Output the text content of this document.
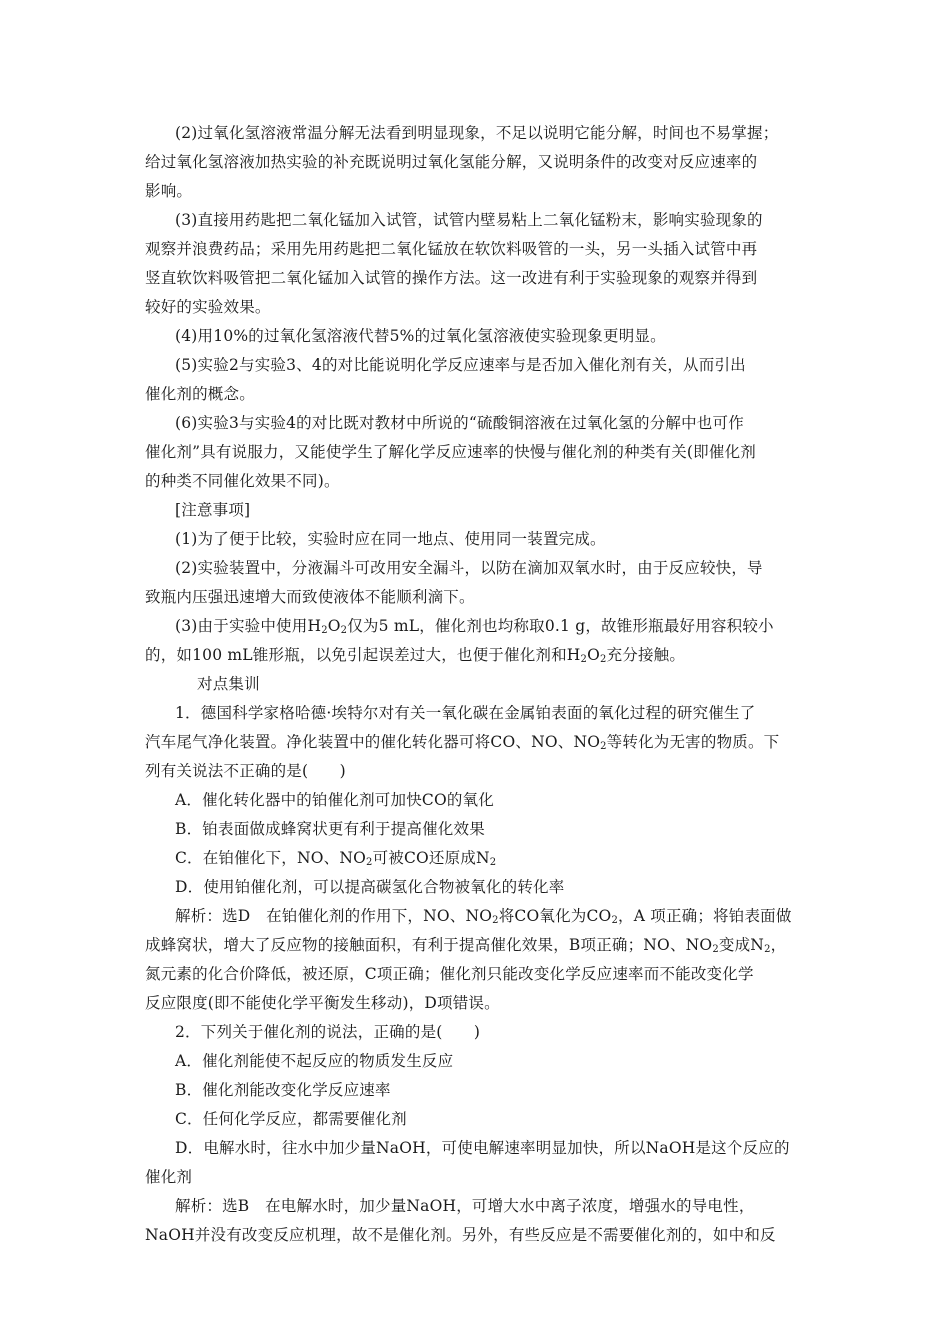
(2)过氧化氢溶液常温分解无法看到明显现象，不足以说明它能分解，时间也不易掌握；
给过氧化氢溶液加热实验的补充既说明过氧化氢能分解，又说明条件的改变对反应速率的
影响。
(3)直接用药匙把二氧化锰加入试管，试管内壁易粘上二氧化锰粉末，影响实验现象的
观察并浪费药品；采用先用药匙把二氧化锰放在软饮料吸管的一头，另一头插入试管中再
竖直软饮料吸管把二氧化锰加入试管的操作方法。这一改进有利于实验现象的观察并得到
较好的实验效果。
(4)用10%的过氧化氢溶液代替5%的过氧化氢溶液使实验现象更明显。
(5)实验2与实验3、4的对比能说明化学反应速率与是否加入催化剂有关，从而引出
催化剂的概念。
(6)实验3与实验4的对比既对教材中所说的“硫酸铜溶液在过氧化氢的分解中也可作
催化剂”具有说服力，又能使学生了解化学反应速率的快慢与催化剂的种类有关(即催化剂
的种类不同催化效果不同)。
[注意事项]
(1)为了便于比较，实验时应在同一地点、使用同一装置完成。
(2)实验装置中，分液漏斗可改用安全漏斗，以防在滴加双氧水时，由于反应较快，导
致瓶内压强迅速增大而致使液体不能顺利滴下。
(3)由于实验中使用$H_2O_2$仅为5 mL，催化剂也均称取0.1 g，故锥形瓶最好用容积较小
的，如100 mL锥形瓶，以免引起误差过大，也便于催化剂和$H_2O_2$充分接触。
对点集训
1．德国科学家格哈德·埃特尔对有关一氧化碳在金属铂表面的氧化过程的研究催生了
汽车尾气净化装置。净化装置中的催化转化器可将CO、NO、$NO_2$等转化为无害的物质。下
列有关说法不正确的是(　　)
A．催化转化器中的铂催化剂可加快CO的氧化
B．铂表面做成蜂窝状更有利于提高催化效果
C．在铂催化下，NO、$NO_2$可被CO还原成$N_2$
D．使用铂催化剂，可以提高碳氢化合物被氧化的转化率
解析：选D　在铂催化剂的作用下，NO、$NO_2$将CO氧化为$CO_2$，A 项正确；将铂表面做
成蜂窝状，增大了反应物的接触面积，有利于提高催化效果，B项正确；NO、$NO_2$变成$N_2$，
氮元素的化合价降低，被还原，C项正确；催化剂只能改变化学反应速率而不能改变化学
反应限度(即不能使化学平衡发生移动)，D项错误。
2．下列关于催化剂的说法，正确的是(　　)
A．催化剂能使不起反应的物质发生反应
B．催化剂能改变化学反应速率
C．任何化学反应，都需要催化剂
D．电解水时，往水中加少量NaOH，可使电解速率明显加快，所以NaOH是这个反应的
催化剂
解析：选B　在电解水时，加少量NaOH，可增大水中离子浓度，增强水的导电性，
NaOH并没有改变反应机理，故不是催化剂。另外，有些反应是不需要催化剂的，如中和反
